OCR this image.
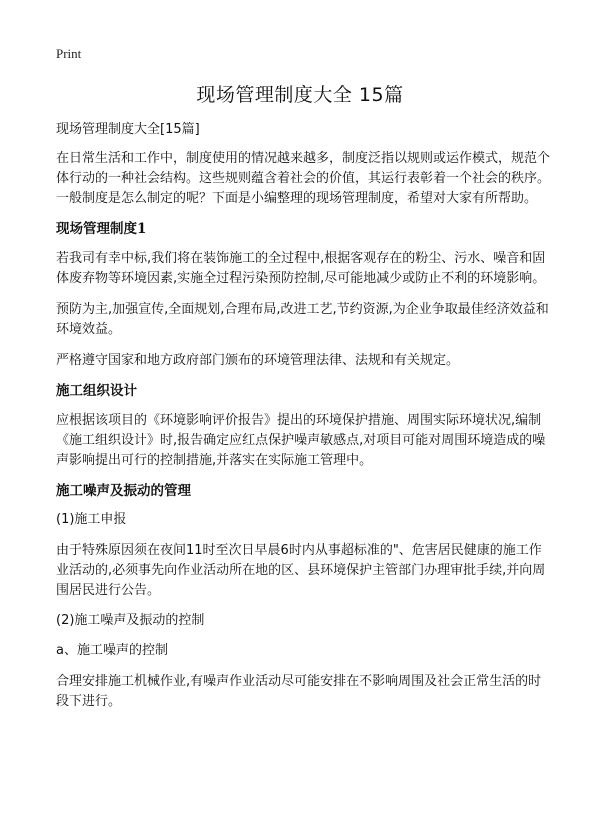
Print
现场管理制度大全 15篇
现场管理制度大全[15篇]
在日常生活和工作中，制度使用的情况越来越多，制度泛指以规则或运作模式，规范个体行动的一种社会结构。这些规则蕴含着社会的价值，其运行表彰着一个社会的秩序。一般制度是怎么制定的呢？下面是小编整理的现场管理制度，希望对大家有所帮助。
现场管理制度1
若我司有幸中标,我们将在装饰施工的全过程中,根据客观存在的粉尘、污水、噪音和固体废弃物等环境因素,实施全过程污染预防控制,尽可能地减少或防止不利的环境影响。
预防为主,加强宣传,全面规划,合理布局,改进工艺,节约资源,为企业争取最佳经济效益和环境效益。
严格遵守国家和地方政府部门颁布的环境管理法律、法规和有关规定。
施工组织设计
应根据该项目的《环境影响评价报告》提出的环境保护措施、周围实际环境状况,编制《施工组织设计》时,报告确定应红点保护噪声敏感点,对项目可能对周围环境造成的噪声影响提出可行的控制措施,并落实在实际施工管理中。
施工噪声及振动的管理
(1)施工申报
由于特殊原因须在夜间11时至次日早晨6时内从事超标准的"、危害居民健康的施工作业活动的,必须事先向作业活动所在地的区、县环境保护主管部门办理审批手续,并向周围居民进行公告。
(2)施工噪声及振动的控制
a、施工噪声的控制
合理安排施工机械作业,有噪声作业活动尽可能安排在不影响周围及社会正常生活的时段下进行。
